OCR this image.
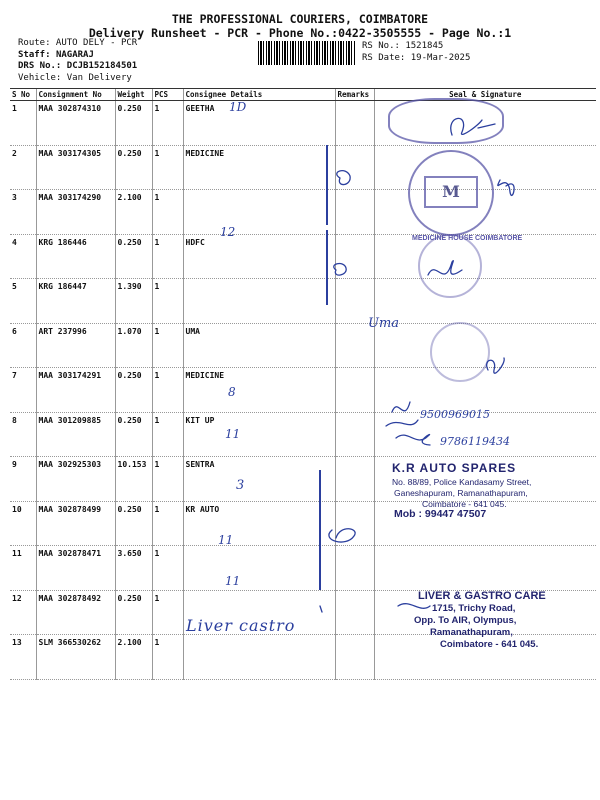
THE PROFESSIONAL COURIERS, COIMBATORE
Delivery Runsheet - PCR - Phone No.:0422-3505555 - Page No.:1
Route: AUTO DELY - PCR
Staff: NAGARAJ
DRS No.: DCJB152184501
Vehicle: Van Delivery
RS No.: 1521845
RS Date: 19-Mar-2025
S No	Consignment No	Weight	PCS	Consignee Details	Remarks	Seal & Signature
1	MAA 302874310	0.250	1	GEETHA		
2	MAA 303174305	0.250	1	MEDICINE		
3	MAA 303174290	2.100	1			
4	KRG 186446	0.250	1	HDFC		
5	KRG 186447	1.390	1			
6	ART 237996	1.070	1	UMA		
7	MAA 303174291	0.250	1	MEDICINE		
8	MAA 301209885	0.250	1	KIT UP		
9	MAA 302925303	10.153	1	SENTRA		
10	MAA 302878499	0.250	1	KR AUTO		
11	MAA 302878471	3.650	1			
12	MAA 302878492	0.250	1			
13	SLM 366530262	2.100	1			
1D
12
8
11
3
11
11
Uma
9500969015
9786119434
Liver castro
M
MEDICINE HOUSE COIMBATORE
K.R AUTO SPARES
No. 88/89, Police Kandasamy Street,
Ganeshapuram, Ramanathapuram,
Coimbatore - 641 045.
Mob : 99447 47507
LIVER & GASTRO CARE
1715, Trichy Road,
Opp. To AIR, Olympus,
Ramanathapuram,
Coimbatore - 641 045.
